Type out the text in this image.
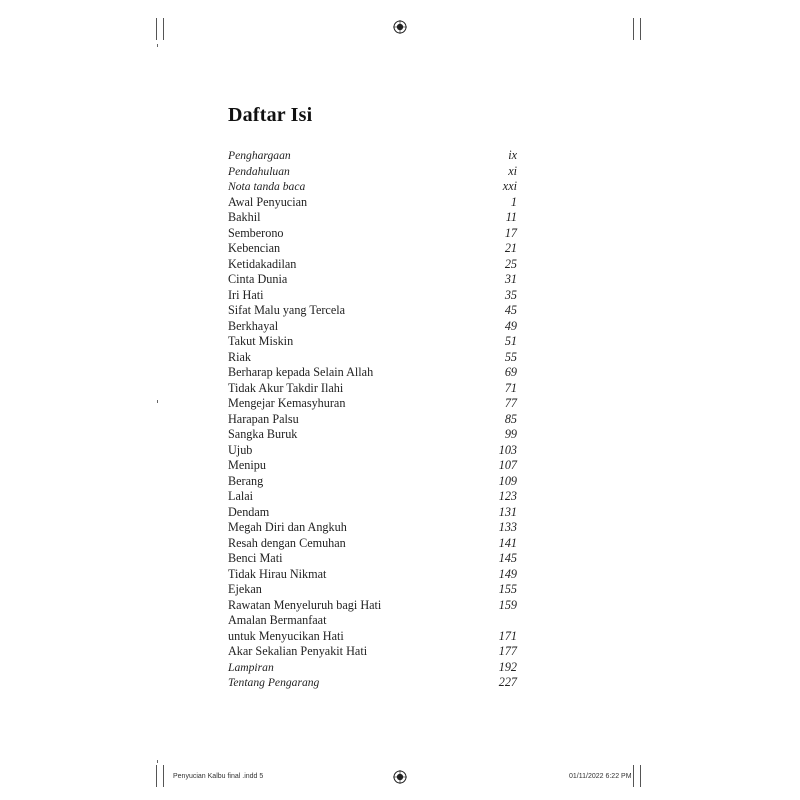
Daftar Isi
Penghargaan	ix
Pendahuluan	xi
Nota tanda baca	xxi
Awal Penyucian	1
Bakhil	11
Semberono	17
Kebencian	21
Ketidakadilan	25
Cinta Dunia	31
Iri Hati	35
Sifat Malu yang Tercela	45
Berkhayal	49
Takut Miskin	51
Riak	55
Berharap kepada Selain Allah	69
Tidak Akur Takdir Ilahi	71
Mengejar Kemasyhuran	77
Harapan Palsu	85
Sangka Buruk	99
Ujub	103
Menipu	107
Berang	109
Lalai	123
Dendam	131
Megah Diri dan Angkuh	133
Resah dengan Cemuhan	141
Benci Mati	145
Tidak Hirau Nikmat	149
Ejekan	155
Rawatan Menyeluruh bagi Hati	159
Amalan Bermanfaat
untuk Menyucikan Hati	171
Akar Sekalian Penyakit Hati	177
Lampiran	192
Tentang Pengarang	227
Penyucian Kalbu final .indd 5	01/11/2022 6:22 PM
